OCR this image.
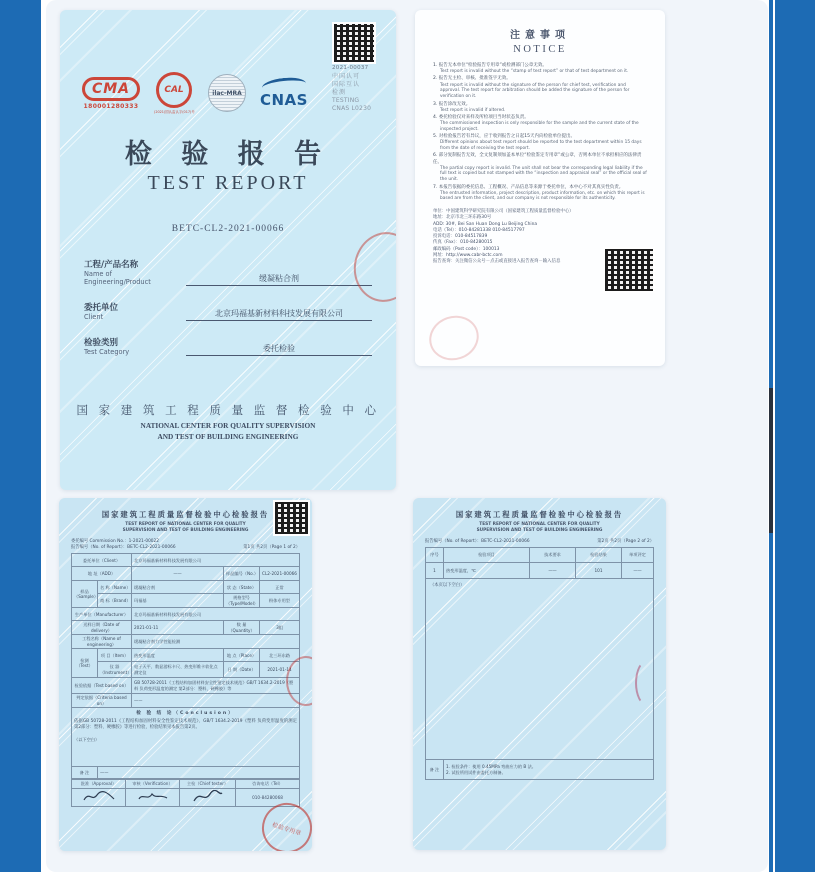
2021-00037
中国认可
国际互认
检测
TESTING
CNAS L0230
CMA
180001280333
CAL
(2021)国认监认字(017)号
ilac-MRA CNAS
检 验 报 告
TEST REPORT
BETC-CL2-2021-00066
工程/产品名称
Name of Engineering/Product	缓凝粘合剂
委托单位
Client	北京玛福基新材料科技发展有限公司
检验类别
Test Category	委托检验
国 家 建 筑 工 程 质 量 监 督 检 验 中 心
NATIONAL CENTER FOR QUALITY SUPERVISION
AND TEST OF BUILDING ENGINEERING
注意事项
NOTICE
1. 报告无本单位“检验报告专用章”或检测部门公章无效。
Test report is invalid without the “stamp of test report” or that of test department on it.
2. 报告无主检、审核、批准签字无效。
Test report is invalid without the signature of the person for chief test, verification and approval. The test report for arbitration should be added the signature of the person for verification on it.
3. 报告涂改无效。
Test report is invalid if altered.
4. 委托检验仅对来样及所检项目当时状态负责。
The commissioned inspection is only responsible for the sample and the current state of the inspected project.
5. 对检验报告若有异议，应于收到报告之日起15天内向检验单位提出。
Different opinions about test report should be reported to the test department within 15 days from the date of receiving the test report.
6. 部分复制报告无效，全文复制须加盖本单位“检验鉴定专用章”或公章，否则本单位不承担相应的法律责任。
The partial copy report is invalid. The unit shall not bear the corresponding legal liability if the full text is copied but not stamped with the “inspection and appraisal seal” or the official seal of the unit.
7. 本报告依据的委托信息、工程概况、产品信息等来源于委托单位，本中心不对其真实性负责。
The entrusted information, project description, product information, etc. on which this report is based are from the client, and our company is not responsible for its authenticity.
单位：中国建筑科学研究院有限公司（国家建筑工程质量监督检验中心）
地址：北京市北三环东路30号
ADD: 30#, Bei San Huan Dong Lu Beijing China
电话（Tel）：010-84281338 010-84517797
投诉电话：010-84517839
传真（Fax）：010-84280015
邮政编码（Post code）：100013
网址：http://www.cabr-bctc.com
报告查询：关注微信公众号－点击或直接进入报告查询－输入信息
国家建筑工程质量监督检验中心检验报告
TEST REPORT OF NATIONAL CENTER FOR QUALITY
SUPERVISION AND TEST OF BUILDING ENGINEERING
委托编号 Commission No.：1-2021-00022
报告编号（No. of Report）：BETC-CL2-2021-00066	第1页 共2页（Page 1 of 2）
委托单位（Client）		北京玛福基新材料科技发展有限公司		
地 址（ADD）		——	样品编号（No.）	CL2-2021-00066
样品（Sample）	名 称（Name）	缓凝粘合剂	状 态（State）	正常
	商 标（Brand）	玛福基	规格型号（Type/Model）	粉体专用型
生产单位（Manufacturer）		北京玛福基新材料科技发展有限公司		
送样日期（Date of delivery）		2021-01-11	数 量（Quantity）	3组
工程名称（Name of engineering）		缓凝粘合剂力学性能检测		
检测（Test）	项 目（Item）	热变形温度	地 点（Place）	北三环东路
	仪 器（Instrument）	电子天平、数显游标卡尺、热变形维卡软化点测定仪	日 期（Date）	2021-01-14
检验依据（Test based on）		GB 50728-2011《工程结构加固材料安全性鉴定技术规范》GB/T 1634.2-2019《塑料 负荷变形温度的测定 第2部分：塑料、硬橡胶》等		
判定依据（Criteria based on）		——		

检 验 结 论（Conclusion）
依据GB 50728-2011《工程结构加固材料安全性鉴定技术规范》、GB/T 1634.2-2019《塑料 负荷变形温度的测定 第2部分：塑料、硬橡胶》等进行检验，检验结果见本报告第2页。
（以下空白）				

备 注	——			
批准（Approval）	审核（Verification）	主检（Chief tester）	咨询电话（Tel）
			010-84280068
检验专用章
国家建筑工程质量监督检验中心检验报告
TEST REPORT OF NATIONAL CENTER FOR QUALITY
SUPERVISION AND TEST OF BUILDING ENGINEERING
报告编号（No. of Report）：BETC-CL2-2021-00066	第2页 共2页（Page 2 of 2）
序号	检验项目	技术要求	检验结果	单项评定
1	热变形温度，℃	——	101	——

（本页以下空白）				

备 注	1. 检验条件：使用 0.45MPa 弯曲应力的 B 法。
2. 试验所用试件由委托方制备。			
